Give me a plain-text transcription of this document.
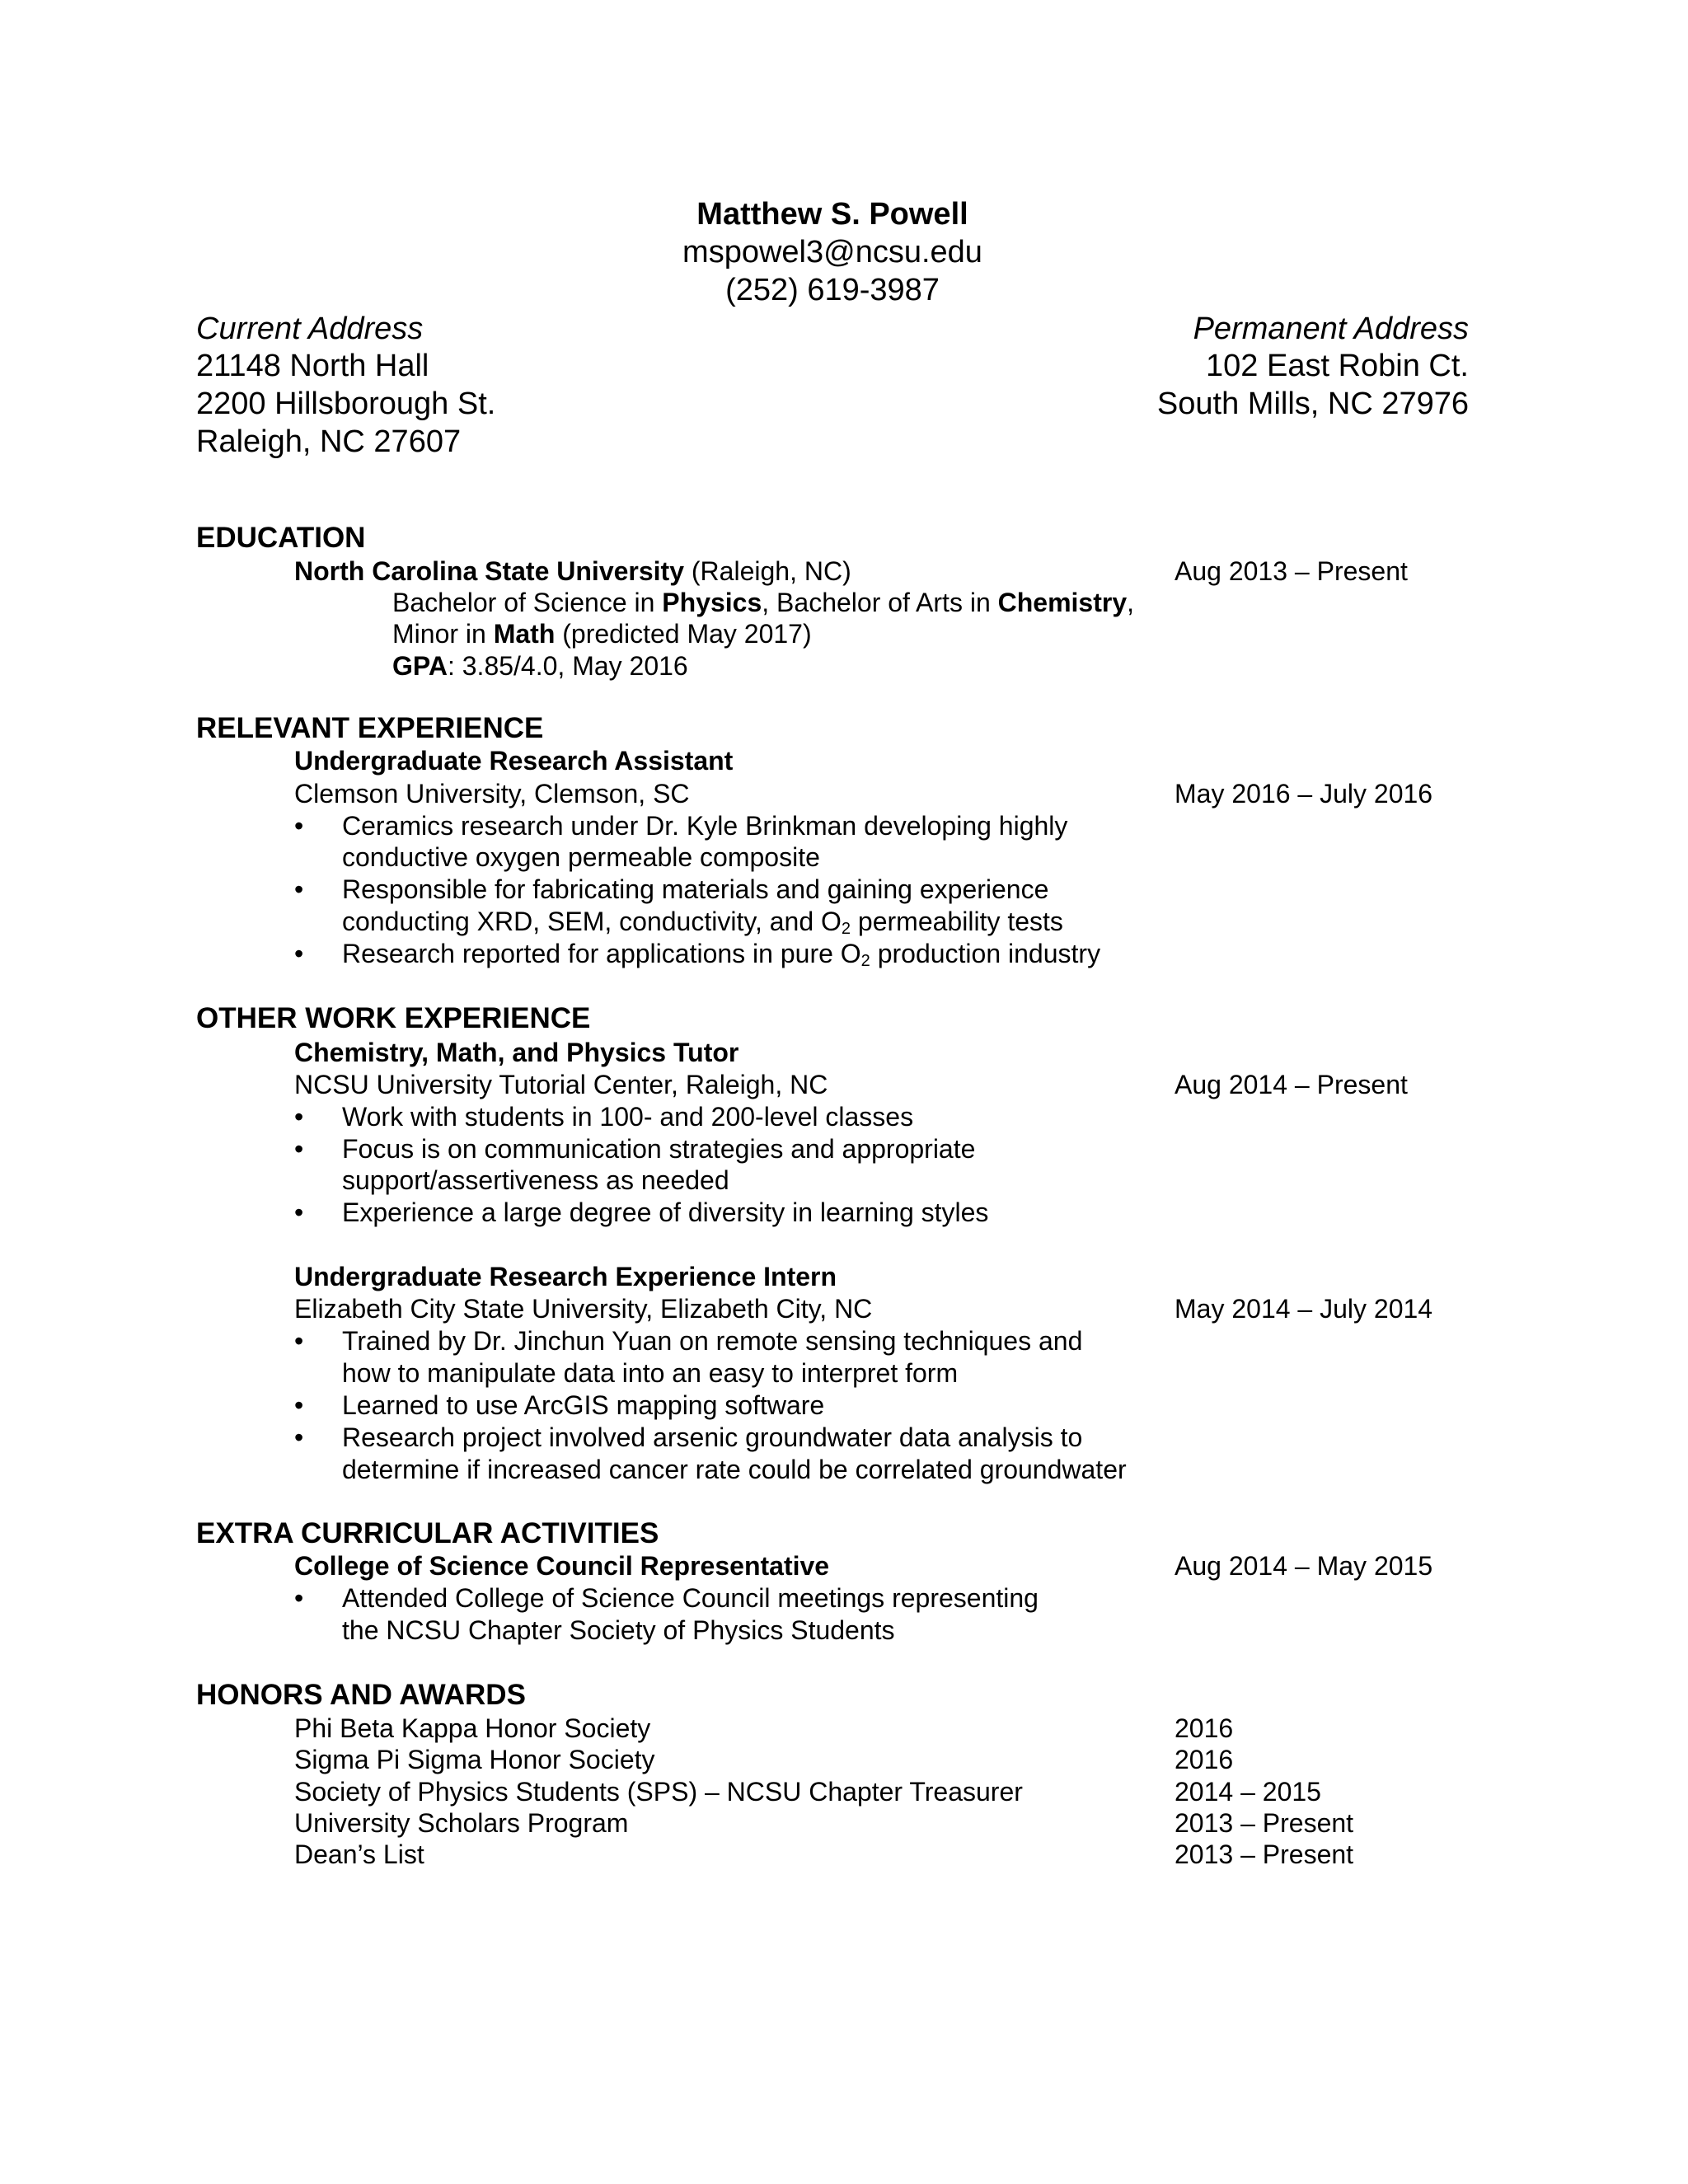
Matthew S. Powell
mspowel3@ncsu.edu
(252) 619-3987
Current Address
21148 North Hall
2200 Hillsborough St.
Raleigh, NC 27607
Permanent Address
102 East Robin Ct.
South Mills, NC 27976
EDUCATION
North Carolina State University (Raleigh, NC)	Aug 2013 – Present
Bachelor of Science in Physics, Bachelor of Arts in Chemistry,
Minor in Math (predicted May 2017)
GPA: 3.85/4.0, May 2016
RELEVANT EXPERIENCE
Undergraduate Research Assistant
Clemson University, Clemson, SC	May 2016 – July 2016
• Ceramics research under Dr. Kyle Brinkman developing highly
conductive oxygen permeable composite
• Responsible for fabricating materials and gaining experience
conducting XRD, SEM, conductivity, and $O_2$ permeability tests
• Research reported for applications in pure $O_2$ production industry
OTHER WORK EXPERIENCE
Chemistry, Math, and Physics Tutor
NCSU University Tutorial Center, Raleigh, NC	Aug 2014 – Present
• Work with students in 100- and 200-level classes
• Focus is on communication strategies and appropriate
support/assertiveness as needed
• Experience a large degree of diversity in learning styles
Undergraduate Research Experience Intern
Elizabeth City State University, Elizabeth City, NC	May 2014 – July 2014
• Trained by Dr. Jinchun Yuan on remote sensing techniques and
how to manipulate data into an easy to interpret form
• Learned to use ArcGIS mapping software
• Research project involved arsenic groundwater data analysis to
determine if increased cancer rate could be correlated groundwater
EXTRA CURRICULAR ACTIVITIES
College of Science Council Representative	Aug 2014 – May 2015
• Attended College of Science Council meetings representing
the NCSU Chapter Society of Physics Students
HONORS AND AWARDS
Phi Beta Kappa Honor Society	2016
Sigma Pi Sigma Honor Society	2016
Society of Physics Students (SPS) – NCSU Chapter Treasurer	2014 – 2015
University Scholars Program	2013 – Present
Dean’s List	2013 – Present
